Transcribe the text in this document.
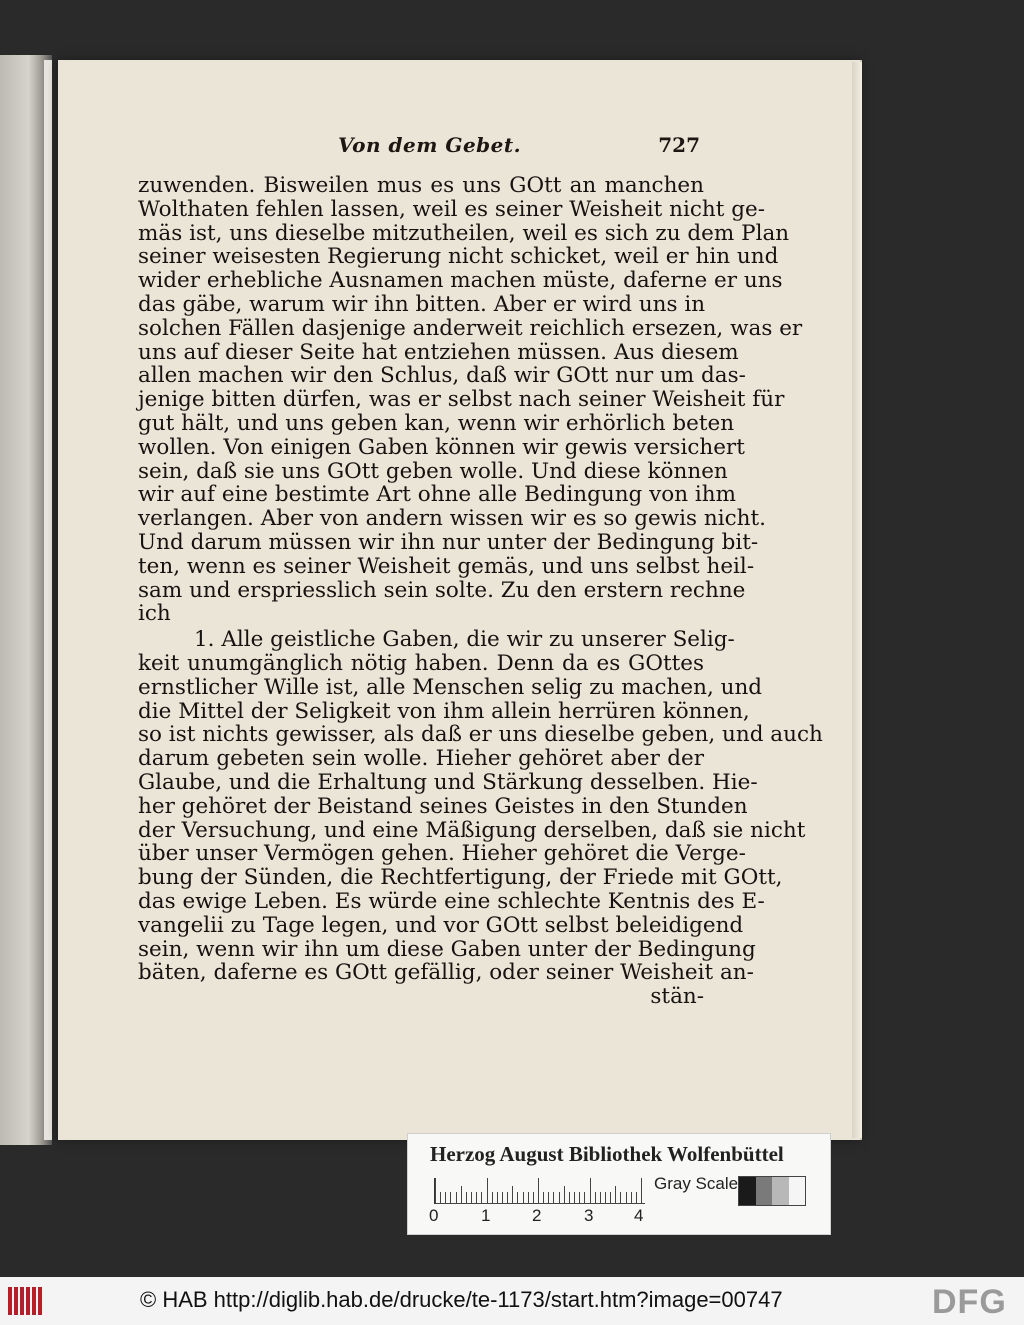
Von dem Gebet.	727
zuwenden. Bisweilen mus es uns GOtt an manchen
Wolthaten fehlen lassen, weil es seiner Weisheit nicht ge-
mäs ist, uns dieselbe mitzutheilen, weil es sich zu dem Plan
seiner weisesten Regierung nicht schicket, weil er hin und
wider erhebliche Ausnamen machen müste, daferne er uns
das gäbe, warum wir ihn bitten. Aber er wird uns in
solchen Fällen dasjenige anderweit reichlich ersezen, was er
uns auf dieser Seite hat entziehen müssen. Aus diesem
allen machen wir den Schlus, daß wir GOtt nur um das-
jenige bitten dürfen, was er selbst nach seiner Weisheit für
gut hält, und uns geben kan, wenn wir erhörlich beten
wollen. Von einigen Gaben können wir gewis versichert
sein, daß sie uns GOtt geben wolle. Und diese können
wir auf eine bestimte Art ohne alle Bedingung von ihm
verlangen. Aber von andern wissen wir es so gewis nicht.
Und darum müssen wir ihn nur unter der Bedingung bit-
ten, wenn es seiner Weisheit gemäs, und uns selbst heil-
sam und erspriesslich sein solte. Zu den erstern rechne
ich
1. Alle geistliche Gaben, die wir zu unserer Selig-
keit unumgänglich nötig haben. Denn da es GOttes
ernstlicher Wille ist, alle Menschen selig zu machen, und
die Mittel der Seligkeit von ihm allein herrüren können,
so ist nichts gewisser, als daß er uns dieselbe geben, und auch
darum gebeten sein wolle. Hieher gehöret aber der
Glaube, und die Erhaltung und Stärkung desselben. Hie-
her gehöret der Beistand seines Geistes in den Stunden
der Versuchung, und eine Mäßigung derselben, daß sie nicht
über unser Vermögen gehen. Hieher gehöret die Verge-
bung der Sünden, die Rechtfertigung, der Friede mit GOtt,
das ewige Leben. Es würde eine schlechte Kentnis des E-
vangelii zu Tage legen, und vor GOtt selbst beleidigend
sein, wenn wir ihn um diese Gaben unter der Bedingung
bäten, daferne es GOtt gefällig, oder seiner Weisheit an-
stän-
Herzog August Bibliothek Wolfenbüttel
0	1 2	3 4
Gray Scale
© HAB http://diglib.hab.de/drucke/te-1173/start.htm?image=00747	DFG
